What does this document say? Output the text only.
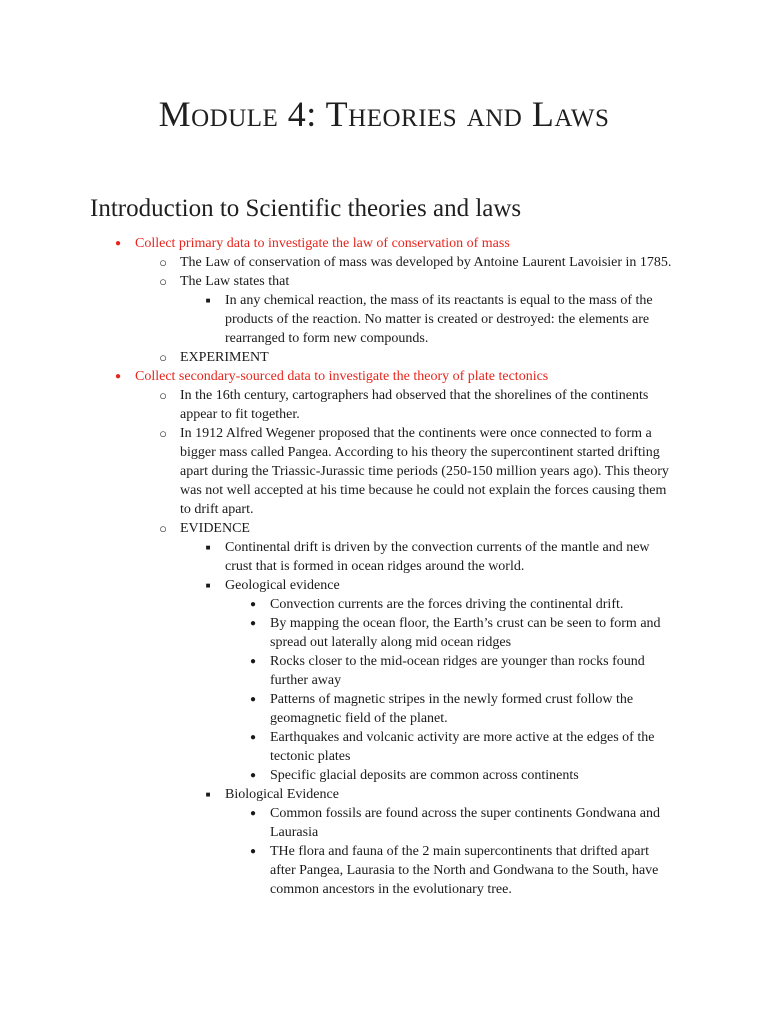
Module 4: Theories and Laws
Introduction to Scientific theories and laws
● Collect primary data to investigate the law of conservation of mass
○ The Law of conservation of mass was developed by Antoine Laurent Lavoisier in 1785.
○ The Law states that
■	In any chemical reaction, the mass of its reactants is equal to the mass of the products of the reaction. No matter is created or destroyed: the elements are rearranged to form new compounds.
○ EXPERIMENT
● Collect secondary-sourced data to investigate the theory of plate tectonics
○ In the 16th century, cartographers had observed that the shorelines of the continents appear to fit together.
○ In 1912 Alfred Wegener proposed that the continents were once connected to form a bigger mass called Pangea. According to his theory the supercontinent started drifting apart during the Triassic-Jurassic time periods (250-150 million years ago). This theory was not well accepted at his time because he could not explain the forces causing them to drift apart.
○ EVIDENCE
■	Continental drift is driven by the convection currents of the mantle and new crust that is formed in ocean ridges around the world.
■	Geological evidence
● Convection currents are the forces driving the continental drift.
● By mapping the ocean floor, the Earth’s crust can be seen to form and spread out laterally along mid ocean ridges
● Rocks closer to the mid-ocean ridges are younger than rocks found further away
● Patterns of magnetic stripes in the newly formed crust follow the geomagnetic field of the planet.
● Earthquakes and volcanic activity are more active at the edges of the tectonic plates
● Specific glacial deposits are common across continents
■	Biological Evidence
● Common fossils are found across the super continents Gondwana and Laurasia
● THe flora and fauna of the 2 main supercontinents that drifted apart after Pangea, Laurasia to the North and Gondwana to the South, have common ancestors in the evolutionary tree.
